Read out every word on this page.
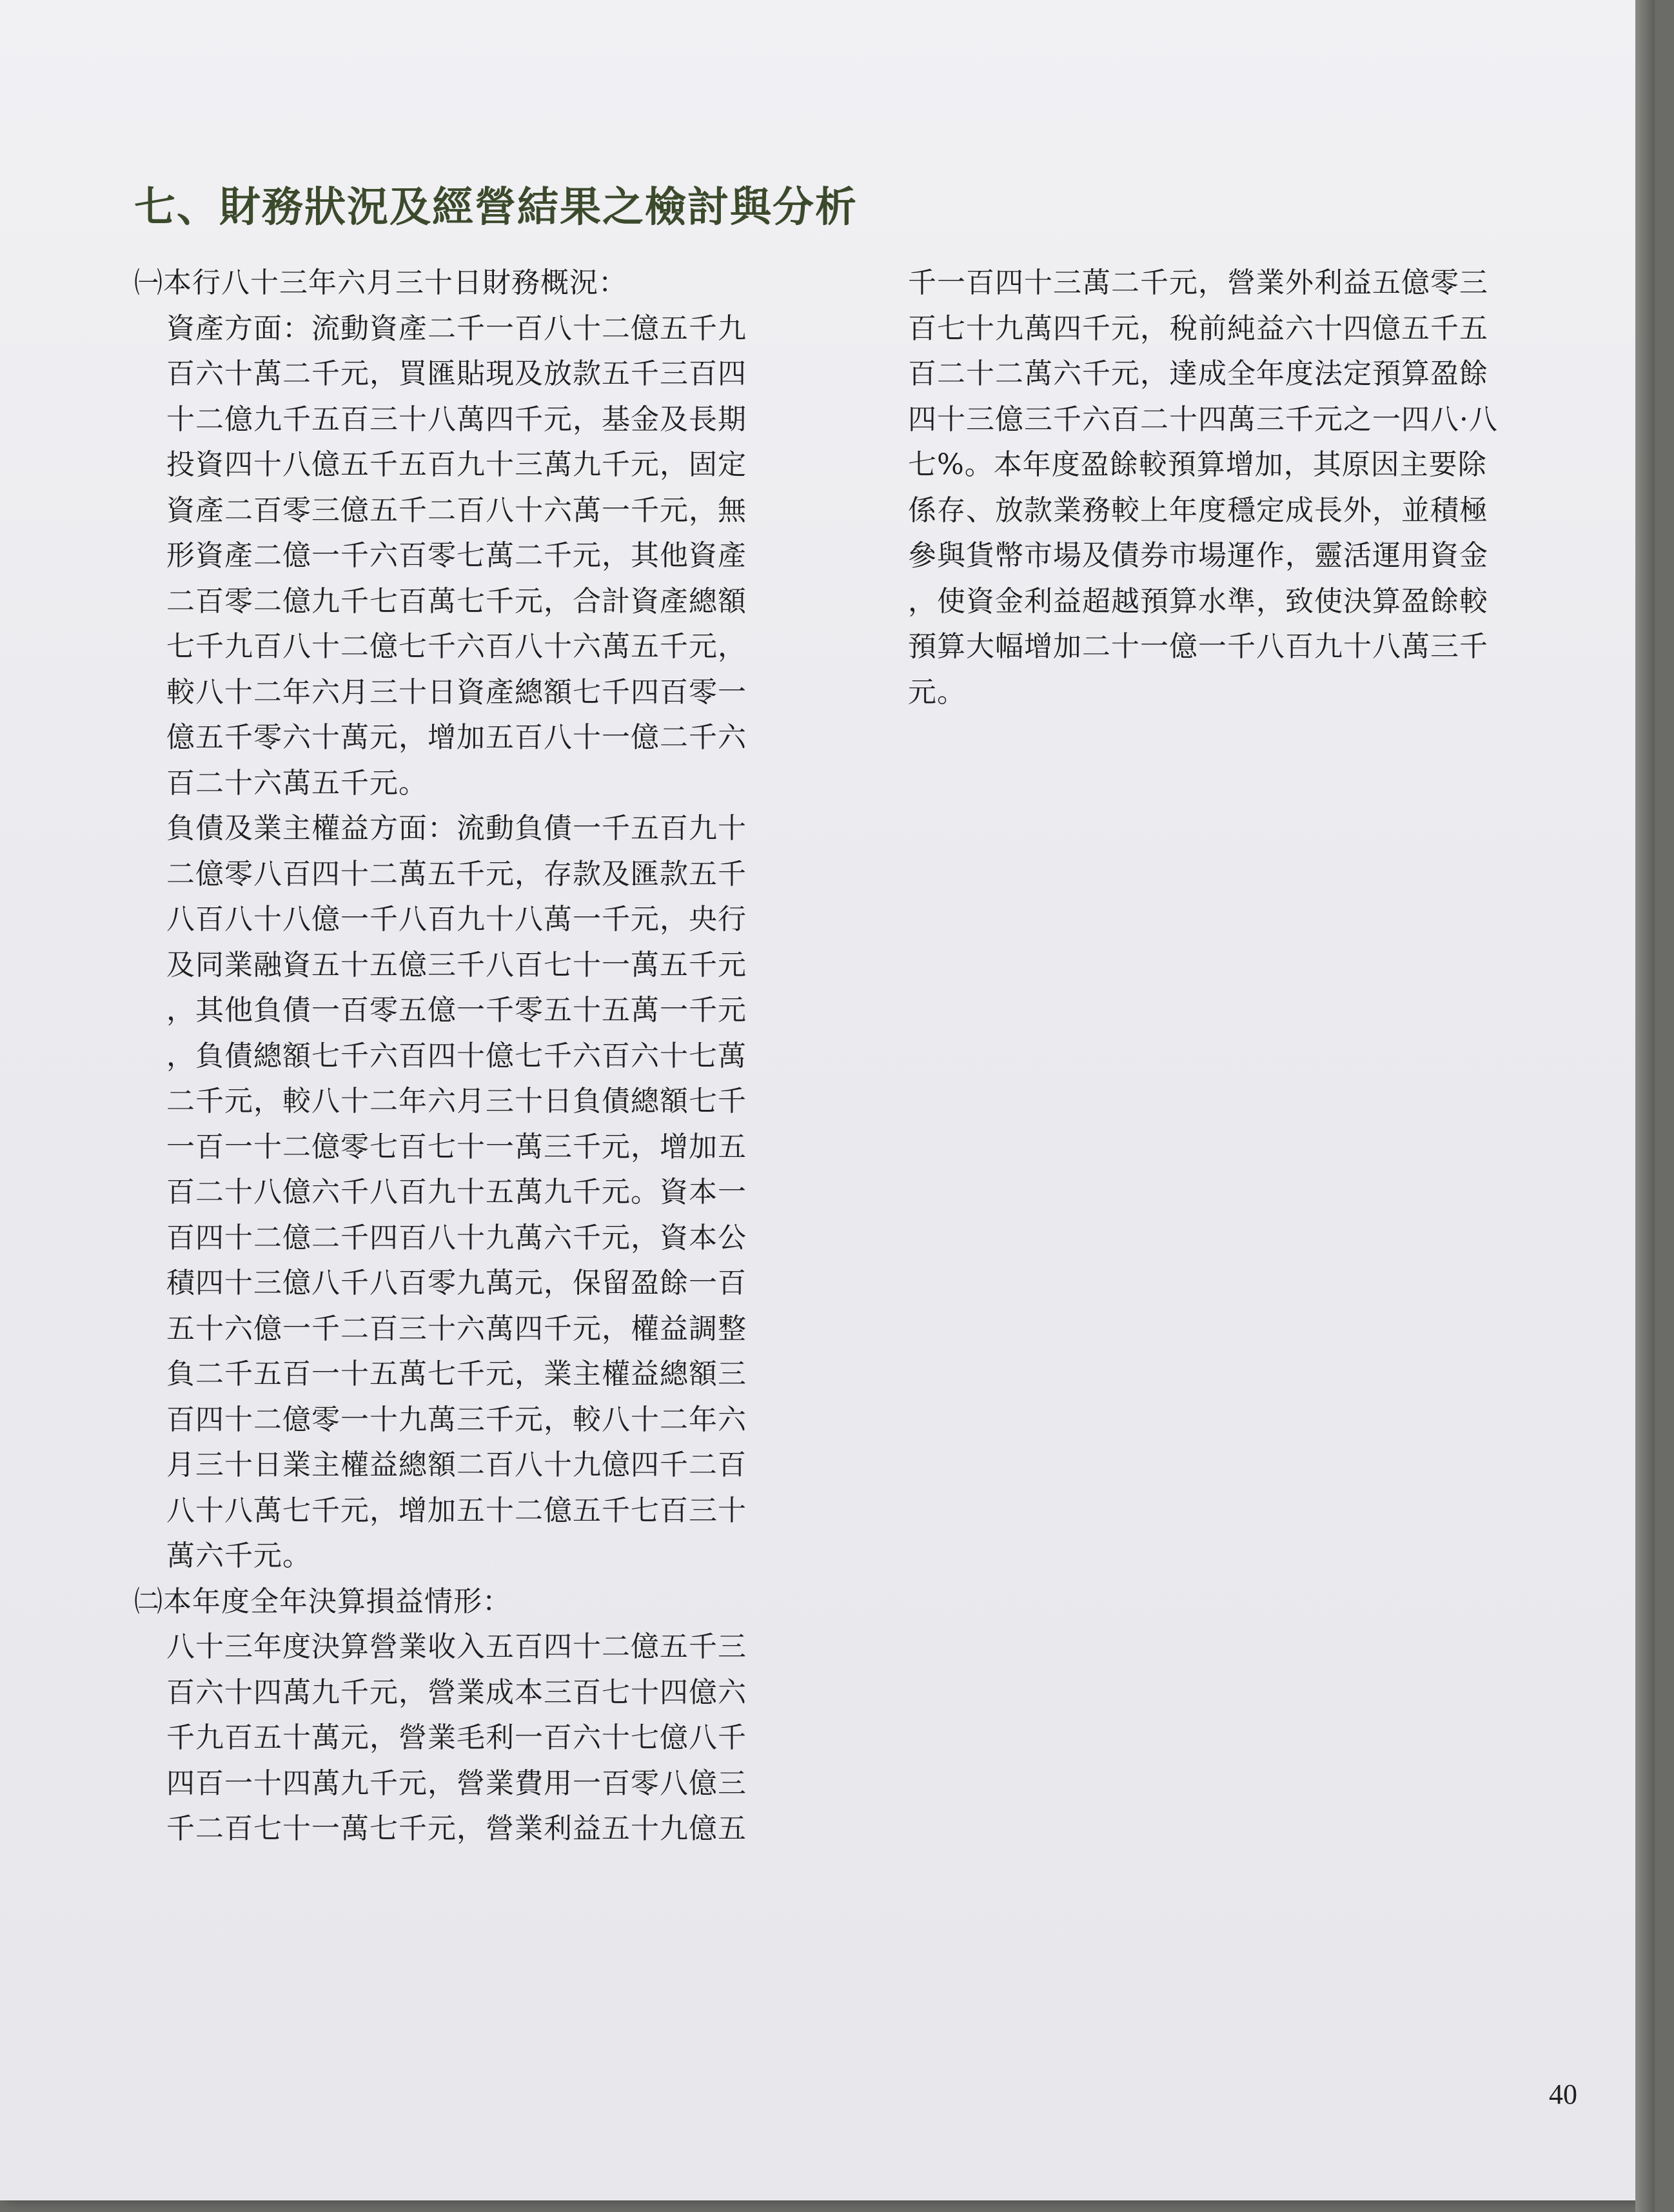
七、財務狀況及經營結果之檢討與分析

㈠本行八十三年六月三十日財務概況：

資產方面：流動資產二千一百八十二億五千九
百六十萬二千元，買匯貼現及放款五千三百四
十二億九千五百三十八萬四千元，基金及長期
投資四十八億五千五百九十三萬九千元，固定
資產二百零三億五千二百八十六萬一千元，無
形資產二億一千六百零七萬二千元，其他資產
二百零二億九千七百萬七千元，合計資產總額
七千九百八十二億七千六百八十六萬五千元，
較八十二年六月三十日資產總額七千四百零一
億五千零六十萬元，增加五百八十一億二千六
百二十六萬五千元。

負債及業主權益方面：流動負債一千五百九十
二億零八百四十二萬五千元，存款及匯款五千
八百八十八億一千八百九十八萬一千元，央行
及同業融資五十五億三千八百七十一萬五千元
，其他負債一百零五億一千零五十五萬一千元
，負債總額七千六百四十億七千六百六十七萬
二千元，較八十二年六月三十日負債總額七千
一百一十二億零七百七十一萬三千元，增加五
百二十八億六千八百九十五萬九千元。資本一
百四十二億二千四百八十九萬六千元，資本公
積四十三億八千八百零九萬元，保留盈餘一百
五十六億一千二百三十六萬四千元，權益調整
負二千五百一十五萬七千元，業主權益總額三
百四十二億零一十九萬三千元，較八十二年六
月三十日業主權益總額二百八十九億四千二百
八十八萬七千元，增加五十二億五千七百三十
萬六千元。

㈡本年度全年決算損益情形：

八十三年度決算營業收入五百四十二億五千三
百六十四萬九千元，營業成本三百七十四億六
千九百五十萬元，營業毛利一百六十七億八千
四百一十四萬九千元，營業費用一百零八億三
千二百七十一萬七千元，營業利益五十九億五

千一百四十三萬二千元，營業外利益五億零三
百七十九萬四千元，稅前純益六十四億五千五
百二十二萬六千元，達成全年度法定預算盈餘
四十三億三千六百二十四萬三千元之一四八·八
七%。本年度盈餘較預算增加，其原因主要除
係存、放款業務較上年度穩定成長外，並積極
參與貨幣市場及債券市場運作，靈活運用資金
，使資金利益超越預算水準，致使決算盈餘較
預算大幅增加二十一億一千八百九十八萬三千
元。

40
